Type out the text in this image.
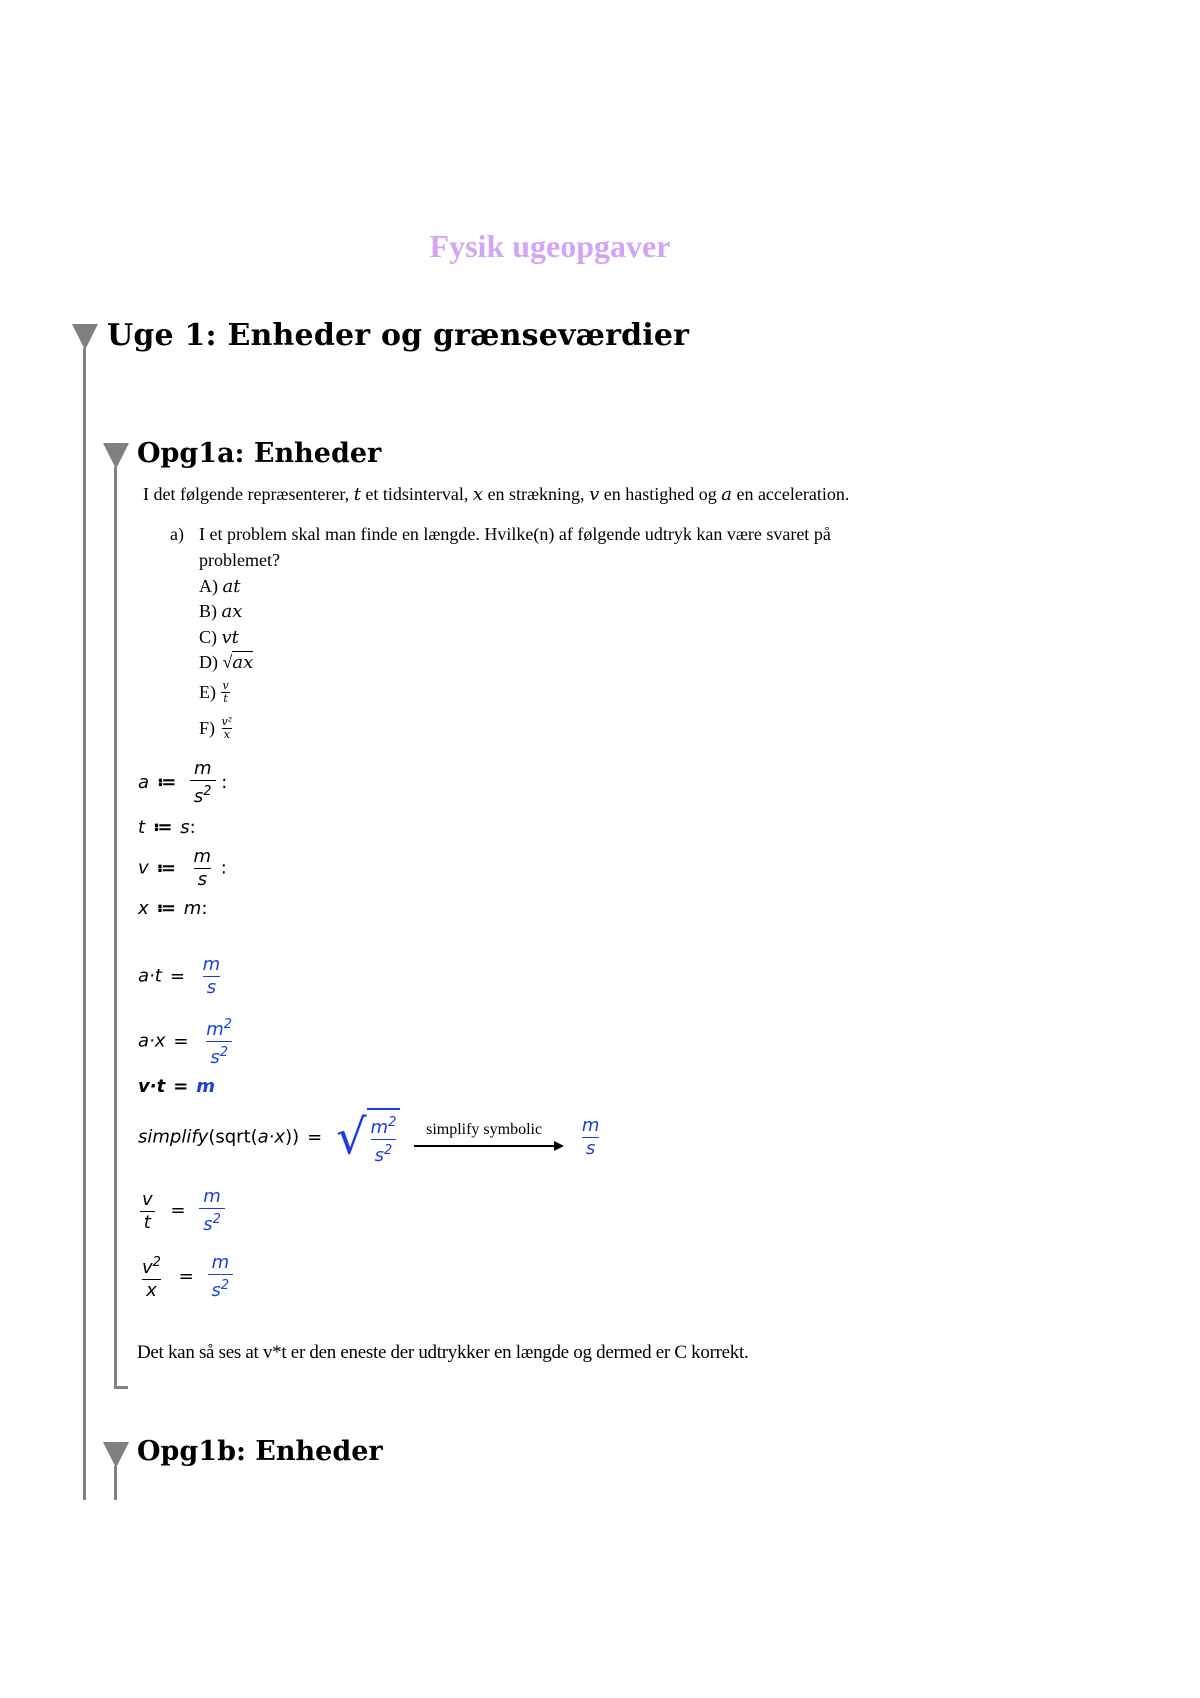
Fysik ugeopgaver
Uge 1: Enheder og grænseværdier
Opg1a: Enheder
I det følgende repræsenterer, t et tidsinterval, x en strækning, v en hastighed og a en acceleration.
a) I et problem skal man finde en længde. Hvilke(n) af følgende udtryk kan være svaret på
problemet?
A) at
B) ax
C) vt
D) √ax
$E) \frac{v}{t}$
$F) \frac{\text{v²}}{x}$
a ≔ $\frac{m}{s^2}$ :
t ≔ s:
v ≔ $\frac{m}{s}$ :
x ≔ m:
$a\cdot t = \frac{m}{s}$
$a\cdot x = \frac{m^2}{s^2}$
v·t = m
simplify(sqrt(a·x)) = √ $\frac{m^2}{s^2}$
simplify symbolic
$\frac{m}{s}$
$\frac{v}{t} = \frac{m}{s^2}$
$\frac{v^2}{x} = \frac{m}{s^2}$
Det kan så ses at v*t er den eneste der udtrykker en længde og dermed er C korrekt.
Opg1b: Enheder
